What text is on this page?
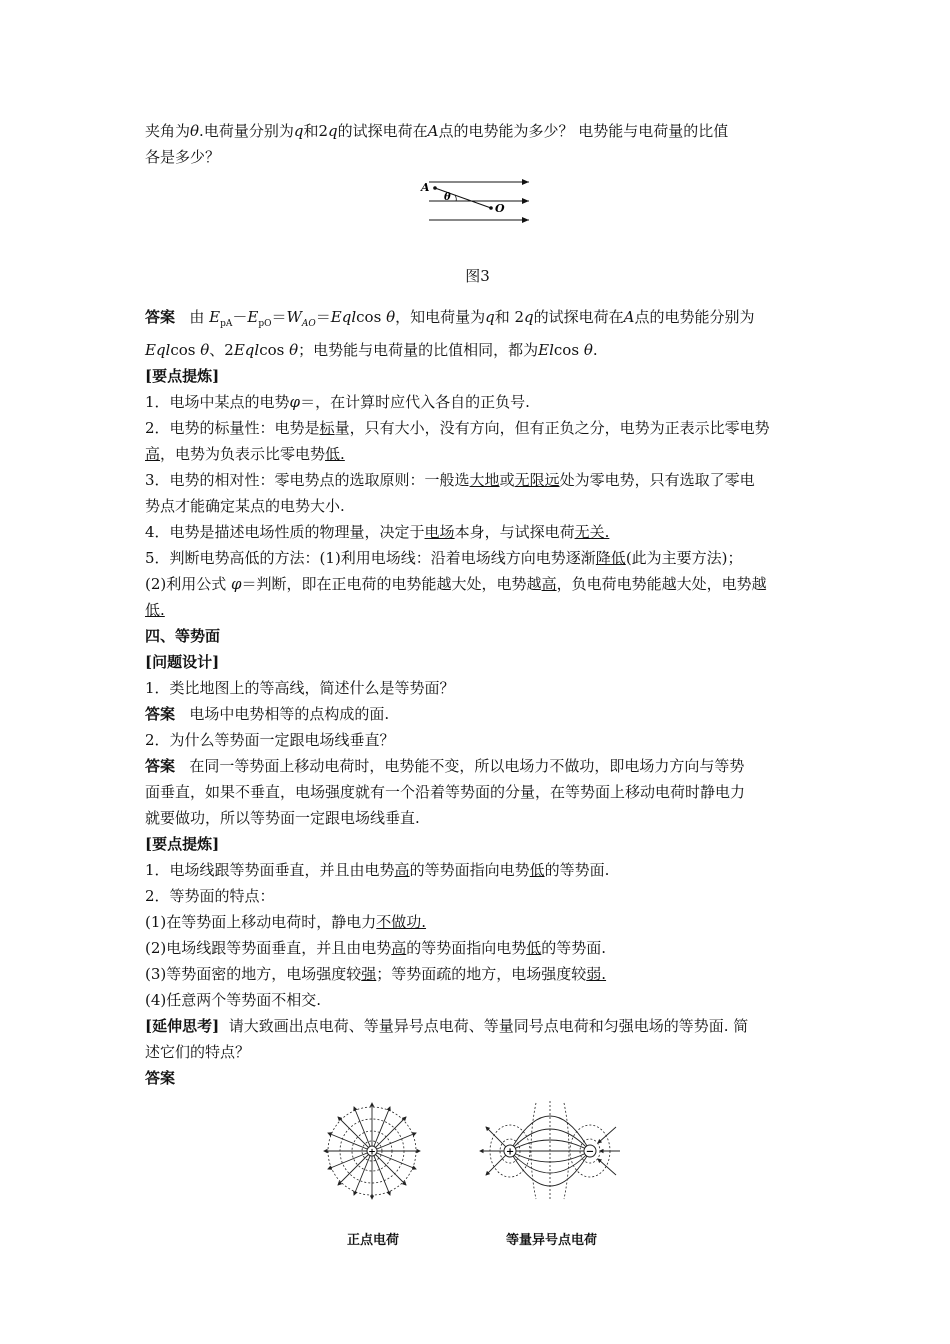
夹角为θ.电荷量分别为q和2q的试探电荷在A点的电势能为多少？ 电势能与电荷量的比值

各是多少？

A
θ
O

图3

答案 由 $E_{pA}-E_{pO}=W_{AO}=Eqlcos$ θ，知电荷量为q和 2q的试探电荷在A点的电势能分别为

Eqlcos θ、2Eqlcos θ；电势能与电荷量的比值相同，都为Elcos θ.

[要点提炼]

1．电场中某点的电势φ＝，在计算时应代入各自的正负号.

2．电势的标量性：电势是标量，只有大小，没有方向，但有正负之分，电势为正表示比零电势

高，电势为负表示比零电势低.

3．电势的相对性：零电势点的选取原则：一般选大地或无限远处为零电势，只有选取了零电

势点才能确定某点的电势大小.

4．电势是描述电场性质的物理量，决定于电场本身，与试探电荷无关.

5．判断电势高低的方法：(1)利用电场线：沿着电场线方向电势逐渐降低(此为主要方法)；

(2)利用公式 φ＝判断，即在正电荷的电势能越大处，电势越高，负电荷电势能越大处，电势越

低.

四、等势面

[问题设计]

1．类比地图上的等高线，简述什么是等势面？

答案 电场中电势相等的点构成的面.

2．为什么等势面一定跟电场线垂直？

答案 在同一等势面上移动电荷时，电势能不变，所以电场力不做功，即电场力方向与等势

面垂直，如果不垂直，电场强度就有一个沿着等势面的分量，在等势面上移动电荷时静电力

就要做功，所以等势面一定跟电场线垂直.

[要点提炼]

1．电场线跟等势面垂直，并且由电势高的等势面指向电势低的等势面.

2．等势面的特点：

(1)在等势面上移动电荷时，静电力不做功.

(2)电场线跟等势面垂直，并且由电势高的等势面指向电势低的等势面.

(3)等势面密的地方，电场强度较强；等势面疏的地方，电场强度较弱.

(4)任意两个等势面不相交.

[延伸思考] 请大致画出点电荷、等量异号点电荷、等量同号点电荷和匀强电场的等势面. 简

述它们的特点？

答案

+	+	−
正点电荷	等量异号点电荷
